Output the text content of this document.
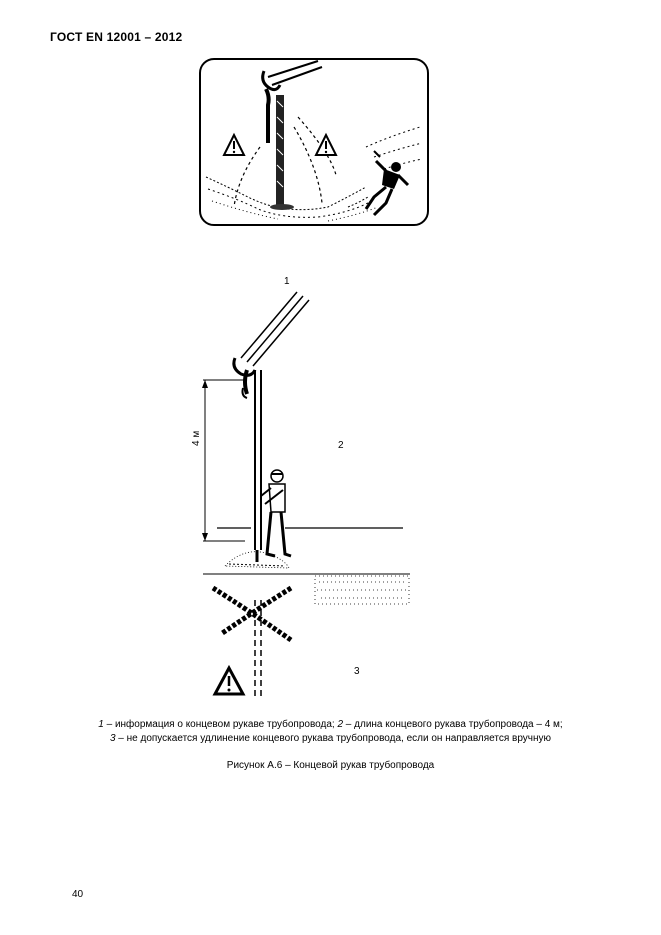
ГОСТ EN 12001 – 2012
1
2
3
4 м
1 – информация о концевом рукаве трубопровода; 2 – длина концевого рукава трубопровода – 4 м;
3 – не допускается удлинение концевого рукава трубопровода, если он направляется вручную
Рисунок А.6 – Концевой рукав трубопровода
40
